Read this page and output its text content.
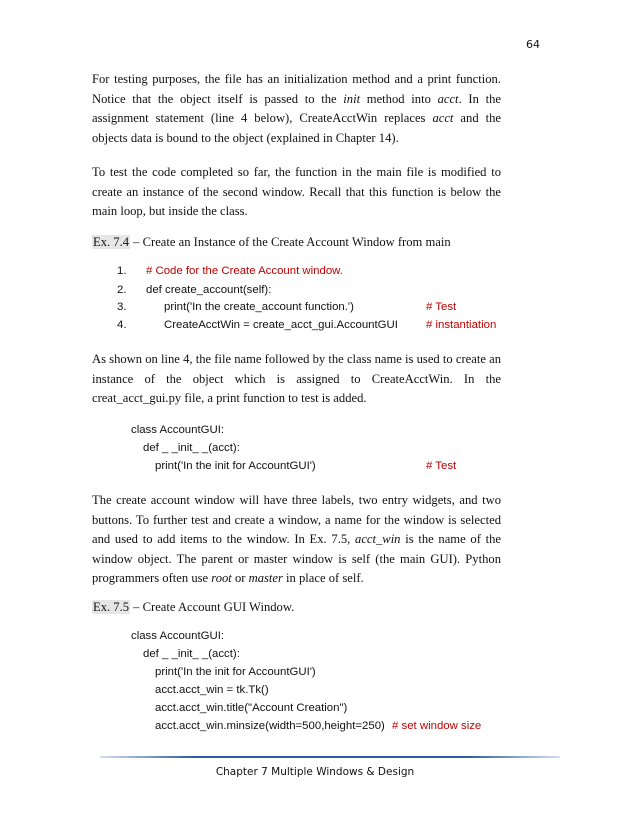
64

For testing purposes, the file has an initialization method and a print function. Notice that the object itself is passed to the init method into acct. In the assignment statement (line 4 below), CreateAcctWin replaces acct and the objects data is bound to the object (explained in Chapter 14).

To test the code completed so far, the function in the main file is modified to create an instance of the second window. Recall that this function is below the main loop, but inside the class.

Ex. 7.4 – Create an Instance of the Create Account Window from main
1. # Code for the Create Account window.
2. def create_account(self):
3.	print('In the create_account function.')	# Test
4.	CreateAcctWin = create_acct_gui.AccountGUI # instantiation

As shown on line 4, the file name followed by the class name is used to create an instance of the object which is assigned to CreateAcctWin. In the creat_acct_gui.py file, a print function to test is added.

class AccountGUI:
def _ _init_ _(acct):
print('In the init for AccountGUI')	# Test

The create account window will have three labels, two entry widgets, and two buttons. To further test and create a window, a name for the window is selected and used to add items to the window. In Ex. 7.5, acct_win is the name of the window object. The parent or master window is self (the main GUI). Python programmers often use root or master in place of self.

Ex. 7.5 – Create Account GUI Window.
class AccountGUI:
def _ _init_ _(acct):
print('In the init for AccountGUI')
acct.acct_win = tk.Tk()
acct.acct_win.title("Account Creation")
acct.acct_win.minsize(width=500,height=250) # set window size
Chapter 7 Multiple Windows & Design
